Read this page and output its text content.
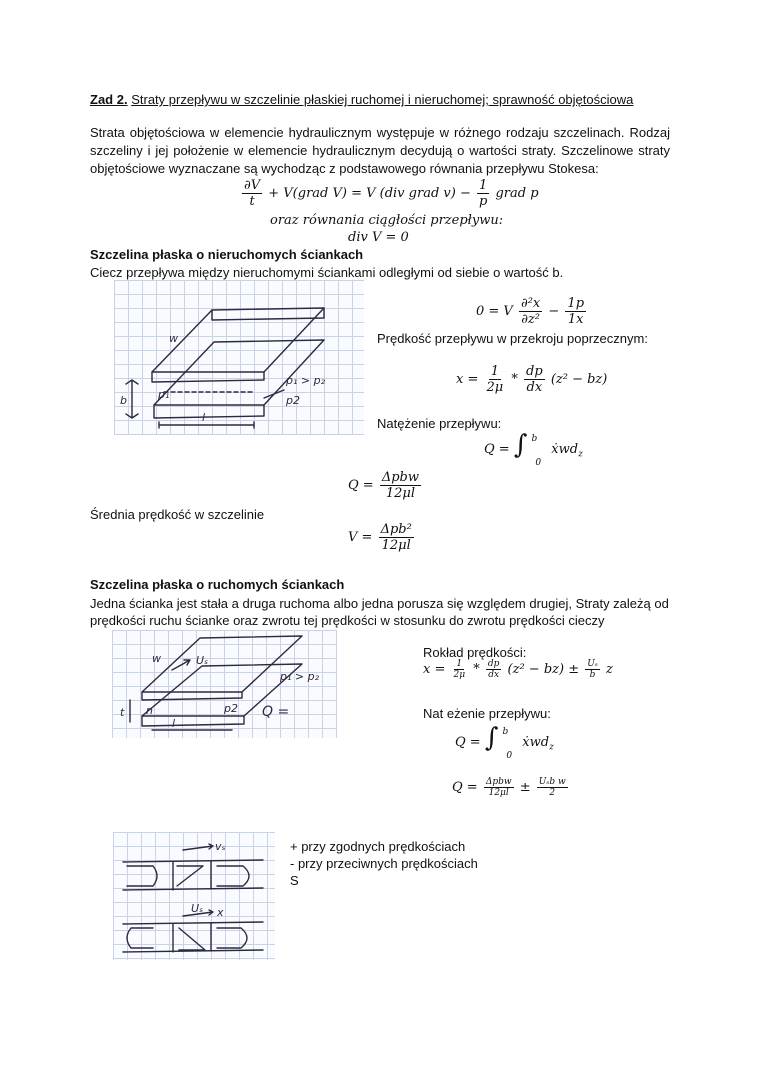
Zad 2. Straty przepływu w szczelinie płaskiej ruchomej i nieruchomej; sprawność objętościowa
Strata objętościowa w elemencie hydraulicznym występuje w różnego rodzaju szczelinach. Rodzaj szczeliny i jej położenie w elemencie hydraulicznym decydują o wartości straty. Szczelinowe straty objętościowe wyznaczane są wychodząc z podstawowego równania przepływu Stokesa:
$\frac{\partial V}{t}$ + V(grad V) = V (div grad $v) - \frac{1}{p}$ grad p
oraz równania ciągłości przepływu:
div V = 0
Szczelina płaska o nieruchomych ściankach
Ciecz przepływa między nieruchomymi ściankami odległymi od siebie o wartość b.
w
b	p₁
p₁ > p₂
p2
l
0 = V $\frac{\text{∂²x}}{\text{∂z²}} - \frac{1p}{1x}$
Prędkość przepływu w przekroju poprzecznym:
$x = \frac{1}{2\mu} * \frac{dp}{dx} (z^2 - bz)$
Natężenie przepływu:
Q = ∫ $^b$ $_0$ ẋwd$_z$
$Q = \frac{\text{Δpbw}}{12\mu l}$
Średnia prędkość w szczelinie
$V = \frac{\text{Δpb²}}{12\mu l}$
Szczelina płaska o ruchomych ściankach
Jedna ścianka jest stała a druga ruchoma albo jedna porusza się względem drugiej, Straty zależą od prędkości ruchu ścianke oraz zwrotu tej prędkości w stosunku do zwrotu prędkości cieczy
w	Uₛ
p₁ > p₂
t n	p2
l
Q =
Rokład prędkości:
$x = \frac{1}{2\mu} * \frac{dp}{dx} (z^2 - bz) \pm \frac{\text{Uₛ}}{b}$ z
Nat eżenie przepływu:
Q = ∫ $^b$ $_0$ ẋwd$_z$
$Q = \frac{\text{Δpbw}}{12\mu l} \pm \frac{\text{Uₛb w}}{2}$
vₛ
Uₛ x
+ przy zgodnych prędkościach
- przy przeciwnych prędkościach
S
